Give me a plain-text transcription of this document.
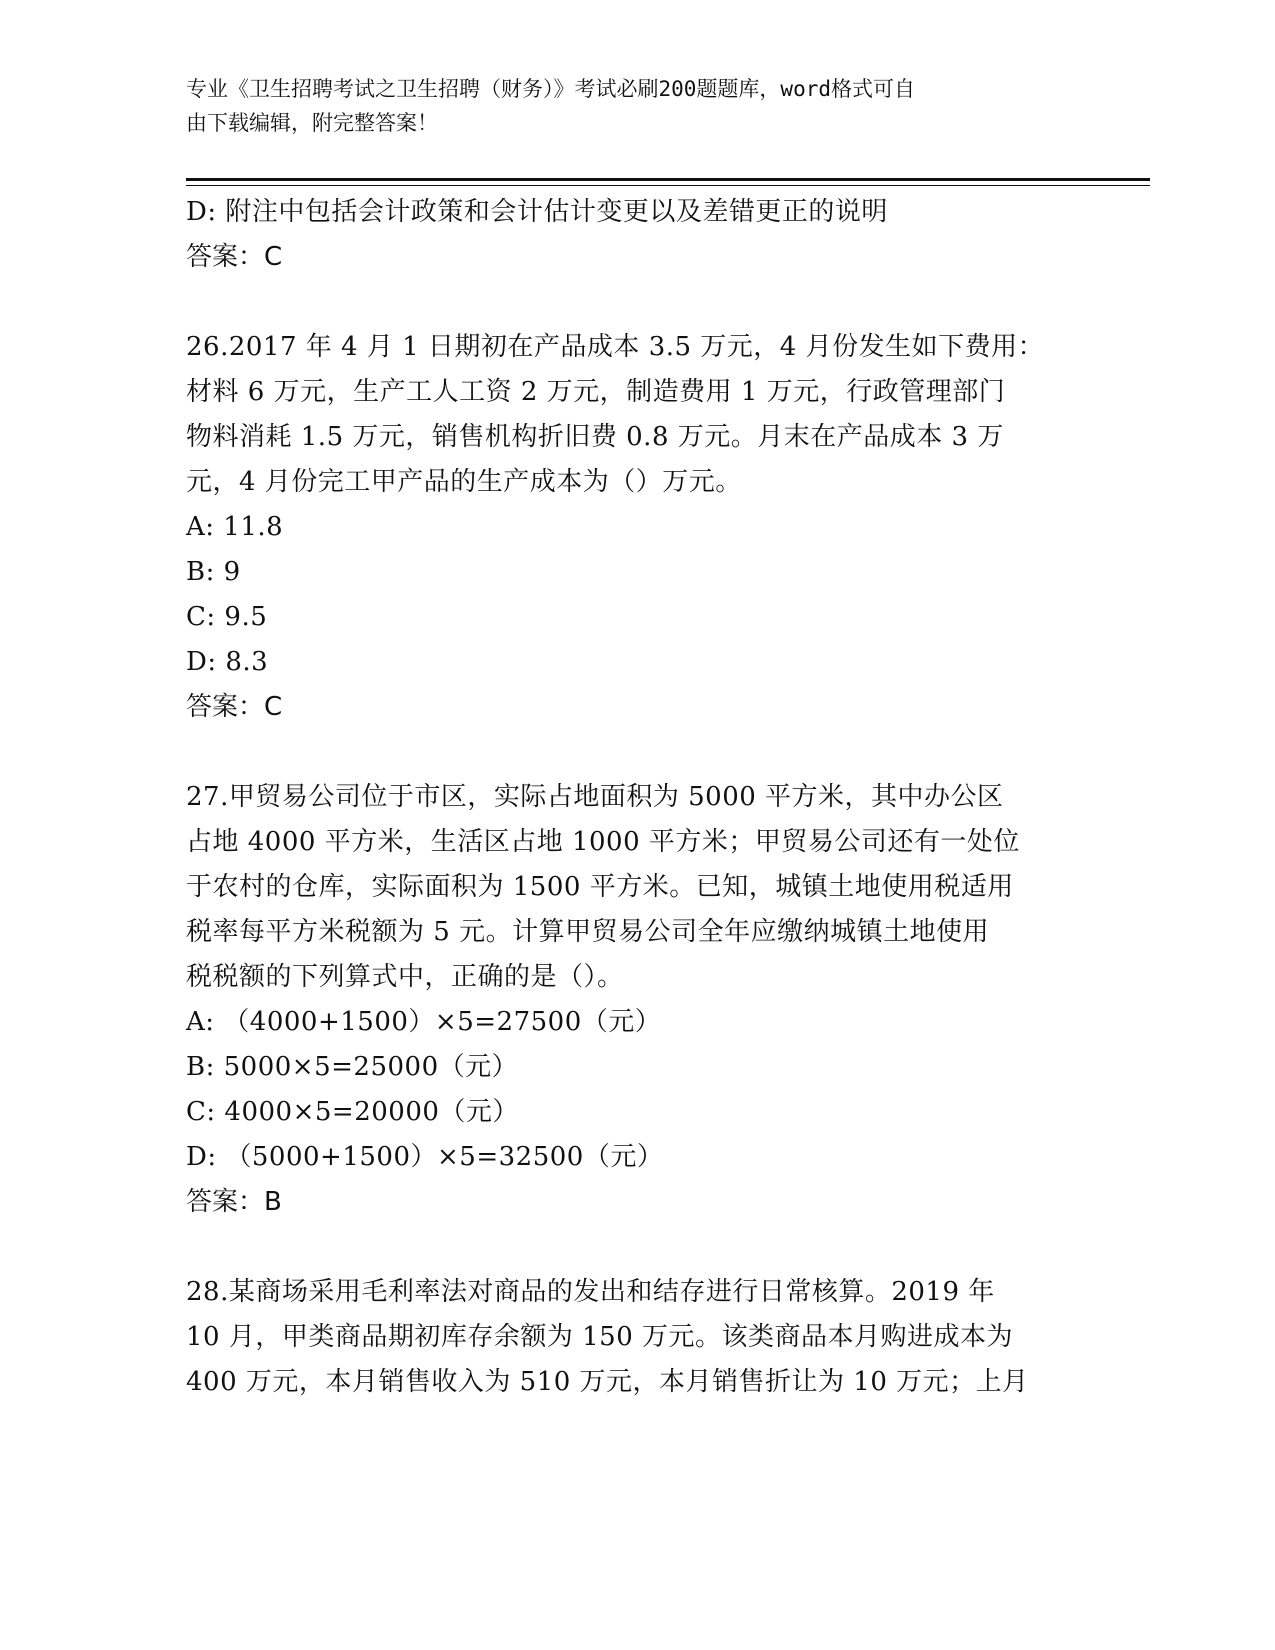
专业《卫生招聘考试之卫生招聘（财务）》考试必刷200题题库，word格式可自
由下载编辑，附完整答案！
D: 附注中包括会计政策和会计估计变更以及差错更正的说明
答案：C
26.2017 年 4 月 1 日期初在产品成本 3.5 万元，4 月份发生如下费用：
材料 6 万元，生产工人工资 2 万元，制造费用 1 万元，行政管理部门
物料消耗 1.5 万元，销售机构折旧费 0.8 万元。月末在产品成本 3 万
元，4 月份完工甲产品的生产成本为（）万元。
A: 11.8
B: 9
C: 9.5
D: 8.3
答案：C
27.甲贸易公司位于市区，实际占地面积为 5000 平方米，其中办公区
占地 4000 平方米，生活区占地 1000 平方米；甲贸易公司还有一处位
于农村的仓库，实际面积为 1500 平方米。已知，城镇土地使用税适用
税率每平方米税额为 5 元。计算甲贸易公司全年应缴纳城镇土地使用
税税额的下列算式中，正确的是（）。
A: （4000+1500）×5=27500（元）
B: 5000×5=25000（元）
C: 4000×5=20000（元）
D: （5000+1500）×5=32500（元）
答案：B
28.某商场采用毛利率法对商品的发出和结存进行日常核算。2019 年
10 月，甲类商品期初库存余额为 150 万元。该类商品本月购进成本为
400 万元，本月销售收入为 510 万元，本月销售折让为 10 万元；上月
